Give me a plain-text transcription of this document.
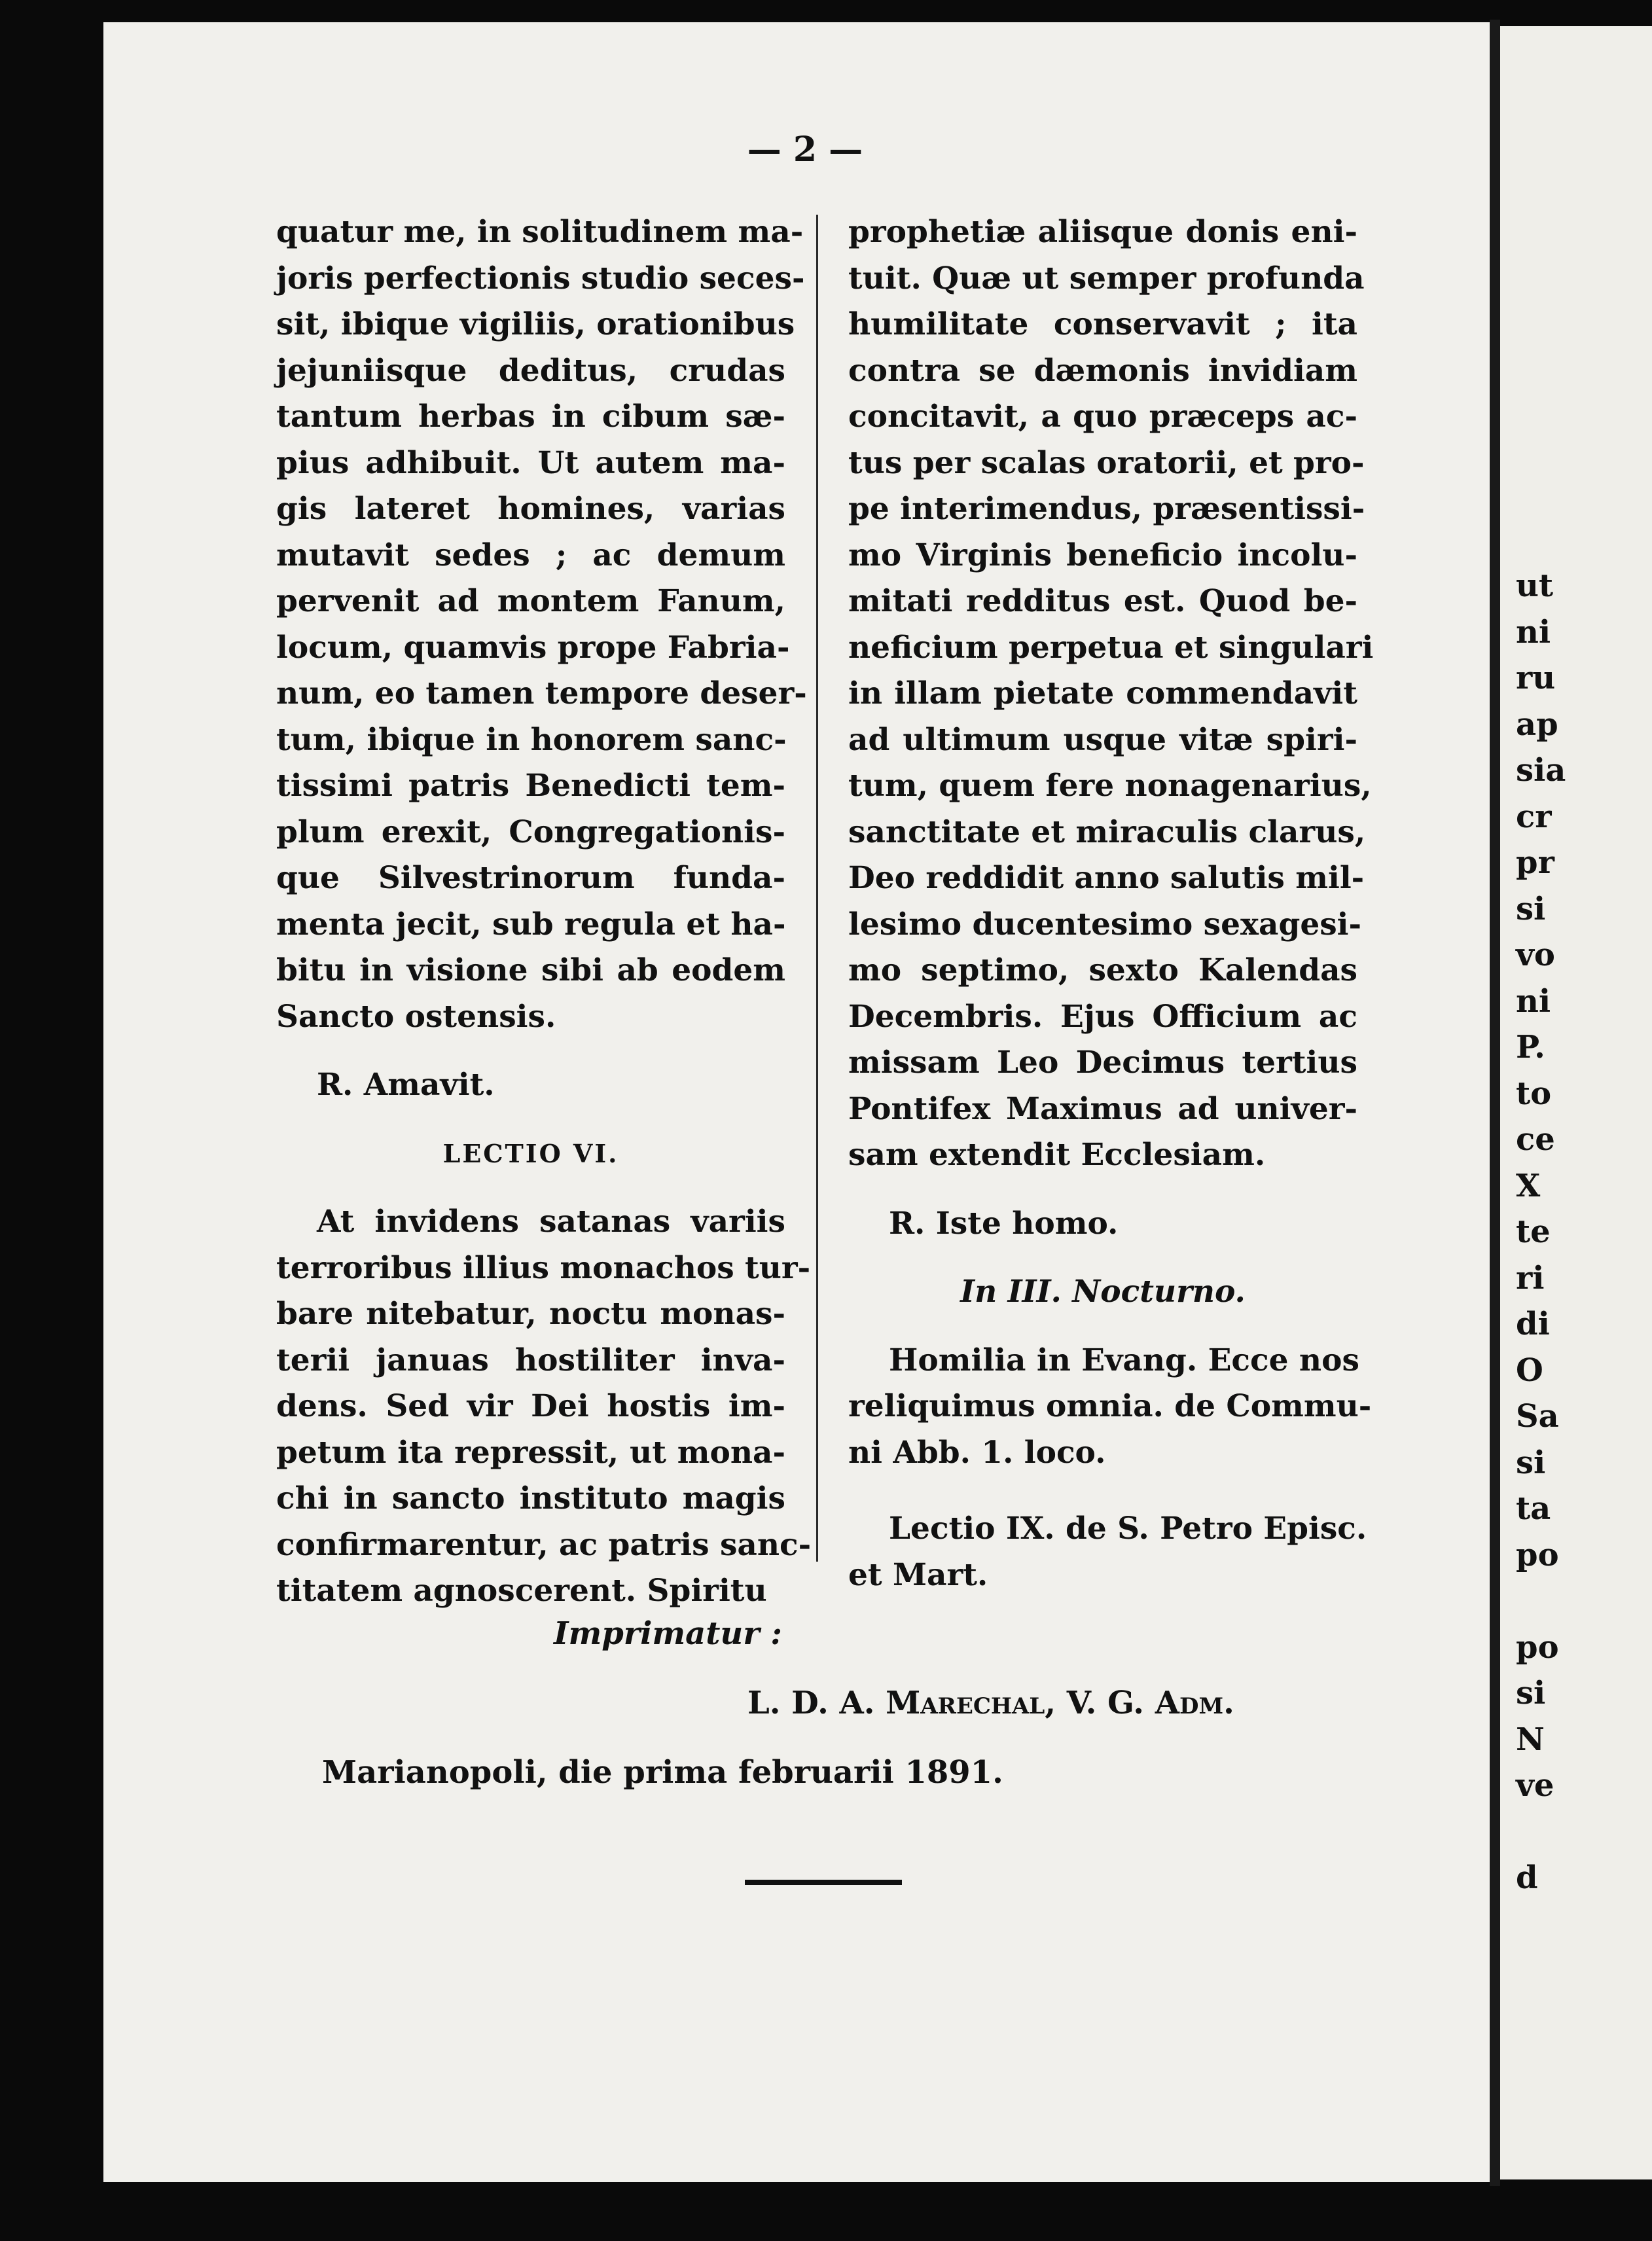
— 2 —
quatur me, in solitudinem ma-
joris perfectionis studio seces-
sit, ibique vigiliis, orationibus
jejuniisque deditus, crudas
tantum herbas in cibum sæ-
pius adhibuit. Ut autem ma-
gis lateret homines, varias
mutavit sedes ; ac demum
pervenit ad montem Fanum,
locum, quamvis prope Fabria-
num, eo tamen tempore deser-
tum, ibique in honorem sanc-
tissimi patris Benedicti tem-
plum erexit, Congregationis-
que Silvestrinorum funda-
menta jecit, sub regula et ha-
bitu in visione sibi ab eodem
Sancto ostensis.
R. Amavit.
LECTIO VI.
At invidens satanas variis
terroribus illius monachos tur-
bare nitebatur, noctu monas-
terii januas hostiliter inva-
dens. Sed vir Dei hostis im-
petum ita repressit, ut mona-
chi in sancto instituto magis
confirmarentur, ac patris sanc-
titatem agnoscerent. Spiritu
prophetiæ aliisque donis eni-
tuit. Quæ ut semper profunda
humilitate conservavit ; ita
contra se dæmonis invidiam
concitavit, a quo præceps ac-
tus per scalas oratorii, et pro-
pe interimendus, præsentissi-
mo Virginis beneficio incolu-
mitati redditus est. Quod be-
neficium perpetua et singulari
in illam pietate commendavit
ad ultimum usque vitæ spiri-
tum, quem fere nonagenarius,
sanctitate et miraculis clarus,
Deo reddidit anno salutis mil-
lesimo ducentesimo sexagesi-
mo septimo, sexto Kalendas
Decembris. Ejus Officium ac
missam Leo Decimus tertius
Pontifex Maximus ad univer-
sam extendit Ecclesiam.
R. Iste homo.
In III. Nocturno.
Homilia in Evang. Ecce nos
reliquimus omnia. de Commu-
ni Abb. 1. loco.
Lectio IX. de S. Petro Episc.
et Mart.
Imprimatur :
L. D. A. Marechal, V. G. Adm.
Marianopoli, die prima februarii 1891.
ut
ni
ru
ap
sia
cr
pr
si
vo
ni
P.
to
ce
X
te
ri
di
O
Sa
si
ta
po

po
si
N
ve

d
